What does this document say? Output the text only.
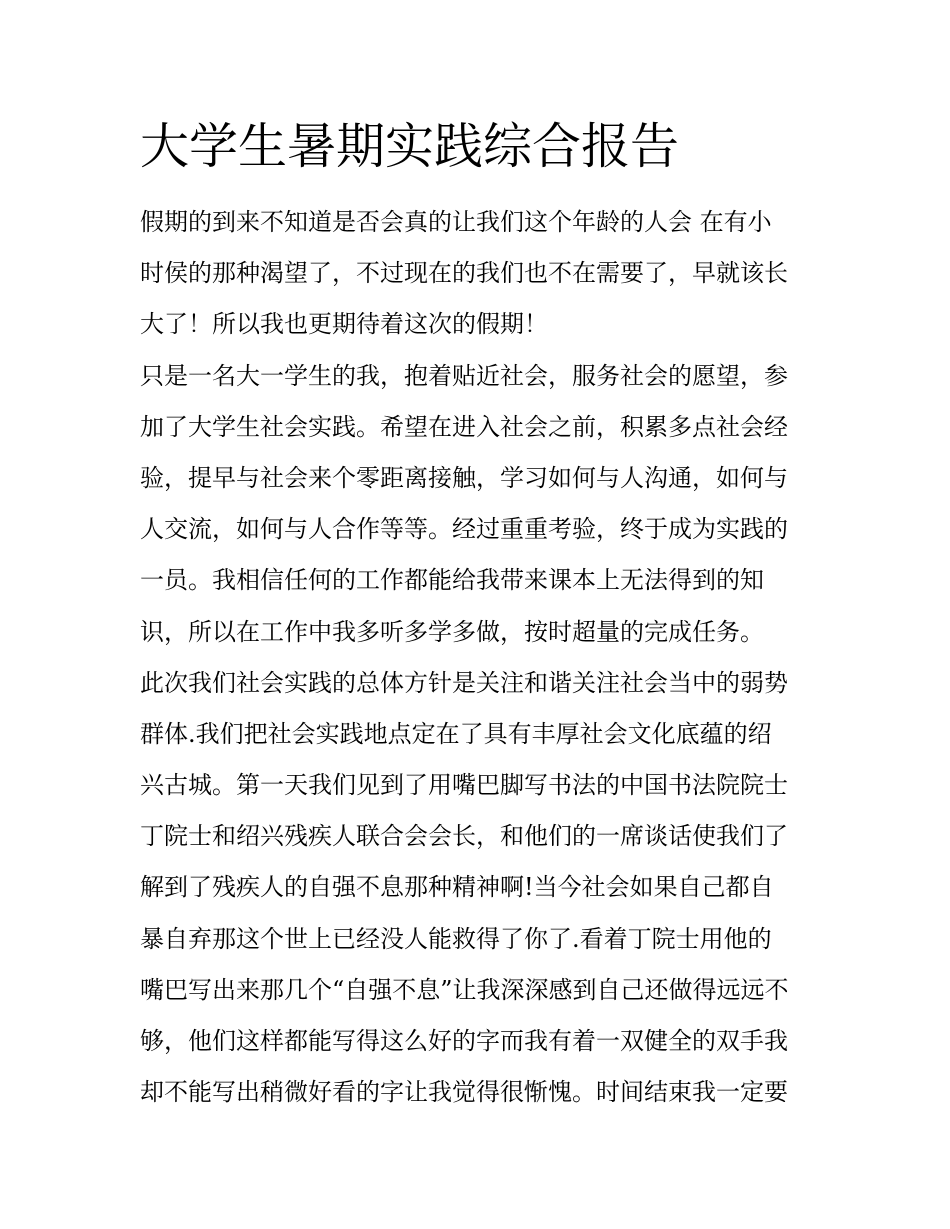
大学生暑期实践综合报告
假期的到来不知道是否会真的让我们这个年龄的人会 在有小
时侯的那种渴望了，不过现在的我们也不在需要了，早就该长
大了！所以我也更期待着这次的假期！
只是一名大一学生的我，抱着贴近社会，服务社会的愿望，参
加了大学生社会实践。希望在进入社会之前，积累多点社会经
验，提早与社会来个零距离接触，学习如何与人沟通，如何与
人交流，如何与人合作等等。经过重重考验，终于成为实践的
一员。我相信任何的工作都能给我带来课本上无法得到的知
识，所以在工作中我多听多学多做，按时超量的完成任务。
此次我们社会实践的总体方针是关注和谐关注社会当中的弱势
群体.我们把社会实践地点定在了具有丰厚社会文化底蕴的绍
兴古城。第一天我们见到了用嘴巴脚写书法的中国书法院院士
丁院士和绍兴残疾人联合会会长，和他们的一席谈话使我们了
解到了残疾人的自强不息那种精神啊!当今社会如果自己都自
暴自弃那这个世上已经没人能救得了你了.看着丁院士用他的
嘴巴写出来那几个“自强不息”让我深深感到自己还做得远远不
够，他们这样都能写得这么好的字而我有着一双健全的双手我
却不能写出稍微好看的字让我觉得很惭愧。时间结束我一定要
